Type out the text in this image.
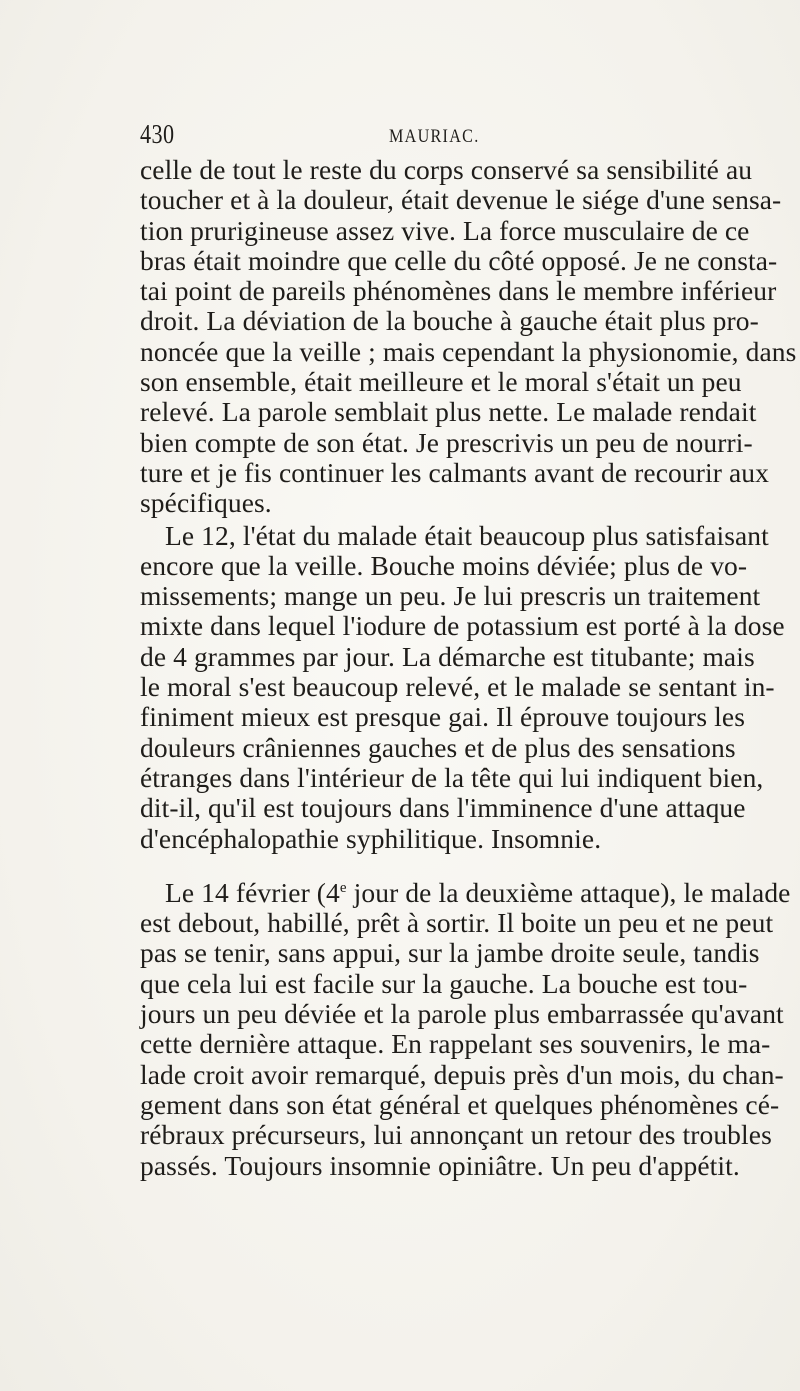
430	MAURIAC.
celle de tout le reste du corps conservé sa sensibilité au
toucher et à la douleur, était devenue le siége d'une sensa-
tion prurigineuse assez vive. La force musculaire de ce
bras était moindre que celle du côté opposé. Je ne consta-
tai point de pareils phénomènes dans le membre inférieur
droit. La déviation de la bouche à gauche était plus pro-
noncée que la veille ; mais cependant la physionomie, dans
son ensemble, était meilleure et le moral s'était un peu
relevé. La parole semblait plus nette. Le malade rendait
bien compte de son état. Je prescrivis un peu de nourri-
ture et je fis continuer les calmants avant de recourir aux
spécifiques.
Le 12, l'état du malade était beaucoup plus satisfaisant
encore que la veille. Bouche moins déviée; plus de vo-
missements; mange un peu. Je lui prescris un traitement
mixte dans lequel l'iodure de potassium est porté à la dose
de 4 grammes par jour. La démarche est titubante; mais
le moral s'est beaucoup relevé, et le malade se sentant in-
finiment mieux est presque gai. Il éprouve toujours les
douleurs crâniennes gauches et de plus des sensations
étranges dans l'intérieur de la tête qui lui indiquent bien,
dit-il, qu'il est toujours dans l'imminence d'une attaque
d'encéphalopathie syphilitique. Insomnie.
Le 14 février (4e jour de la deuxième attaque), le malade
est debout, habillé, prêt à sortir. Il boite un peu et ne peut
pas se tenir, sans appui, sur la jambe droite seule, tandis
que cela lui est facile sur la gauche. La bouche est tou-
jours un peu déviée et la parole plus embarrassée qu'avant
cette dernière attaque. En rappelant ses souvenirs, le ma-
lade croit avoir remarqué, depuis près d'un mois, du chan-
gement dans son état général et quelques phénomènes cé-
rébraux précurseurs, lui annonçant un retour des troubles
passés. Toujours insomnie opiniâtre. Un peu d'appétit.
